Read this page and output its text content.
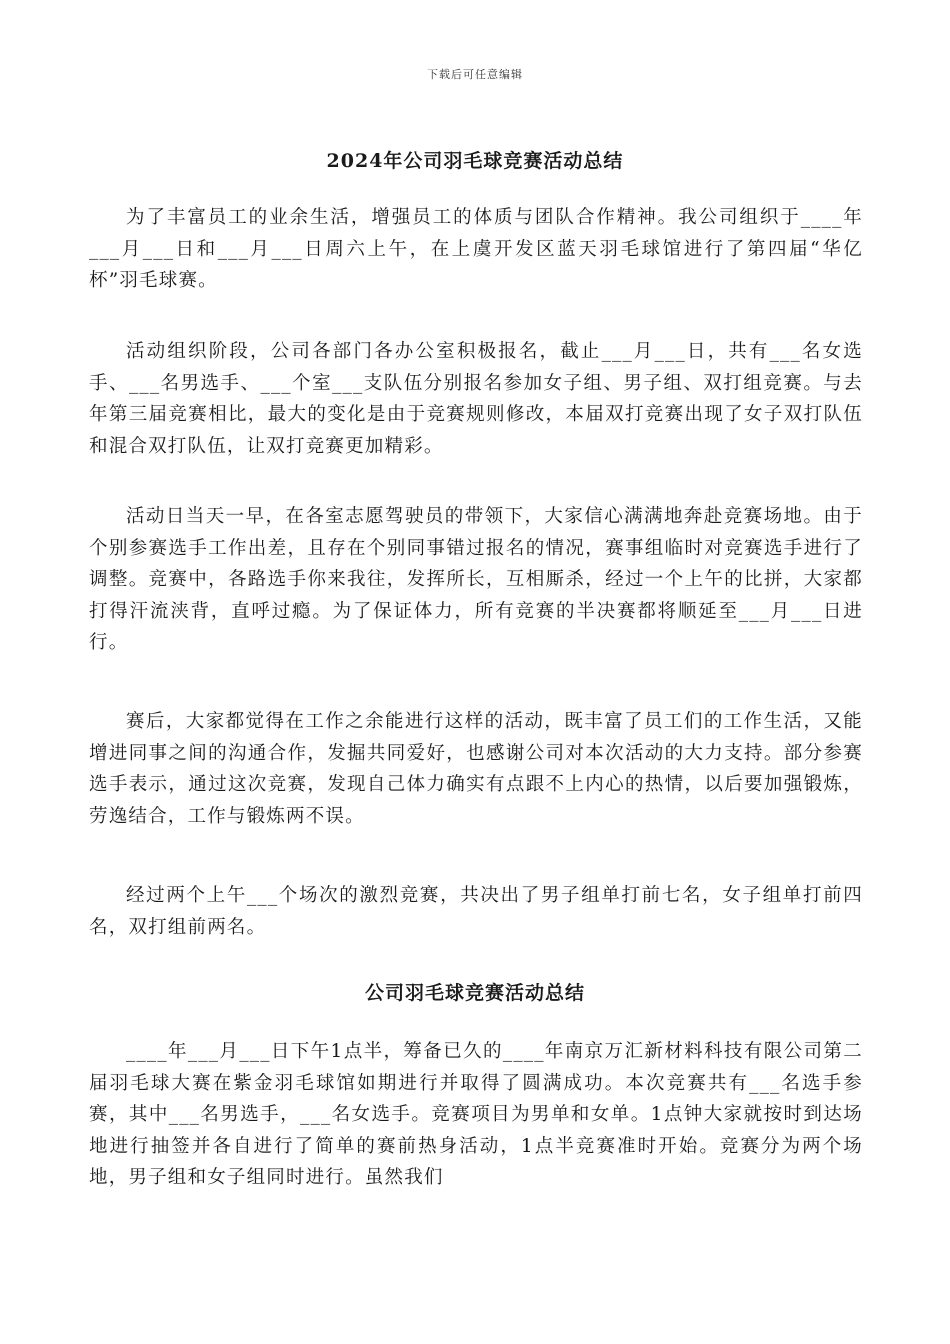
下载后可任意编辑
2024年公司羽毛球竞赛活动总结

为了丰富员工的业余生活，增强员工的体质与团队合作精神。我公司组织于____年___月___日和___月___日周六上午，在上虞开发区蓝天羽毛球馆进行了第四届“华亿杯”羽毛球赛。

活动组织阶段，公司各部门各办公室积极报名，截止___月___日，共有___名女选手、___名男选手、___个室___支队伍分别报名参加女子组、男子组、双打组竞赛。与去年第三届竞赛相比，最大的变化是由于竞赛规则修改，本届双打竞赛出现了女子双打队伍和混合双打队伍，让双打竞赛更加精彩。

活动日当天一早，在各室志愿驾驶员的带领下，大家信心满满地奔赴竞赛场地。由于个别参赛选手工作出差，且存在个别同事错过报名的情况，赛事组临时对竞赛选手进行了调整。竞赛中，各路选手你来我往，发挥所长，互相厮杀，经过一个上午的比拼，大家都打得汗流浃背，直呼过瘾。为了保证体力，所有竞赛的半决赛都将顺延至___月___日进行。

赛后，大家都觉得在工作之余能进行这样的活动，既丰富了员工们的工作生活，又能增进同事之间的沟通合作，发掘共同爱好，也感谢公司对本次活动的大力支持。部分参赛选手表示，通过这次竞赛，发现自己体力确实有点跟不上内心的热情，以后要加强锻炼，劳逸结合，工作与锻炼两不误。

经过两个上午___个场次的激烈竞赛，共决出了男子组单打前七名，女子组单打前四名，双打组前两名。

公司羽毛球竞赛活动总结

____年___月___日下午1点半，筹备已久的____年南京万汇新材料科技有限公司第二届羽毛球大赛在紫金羽毛球馆如期进行并取得了圆满成功。本次竞赛共有___名选手参赛，其中___名男选手，___名女选手。竞赛项目为男单和女单。1点钟大家就按时到达场地进行抽签并各自进行了简单的赛前热身活动，1点半竞赛准时开始。竞赛分为两个场地，男子组和女子组同时进行。虽然我们
